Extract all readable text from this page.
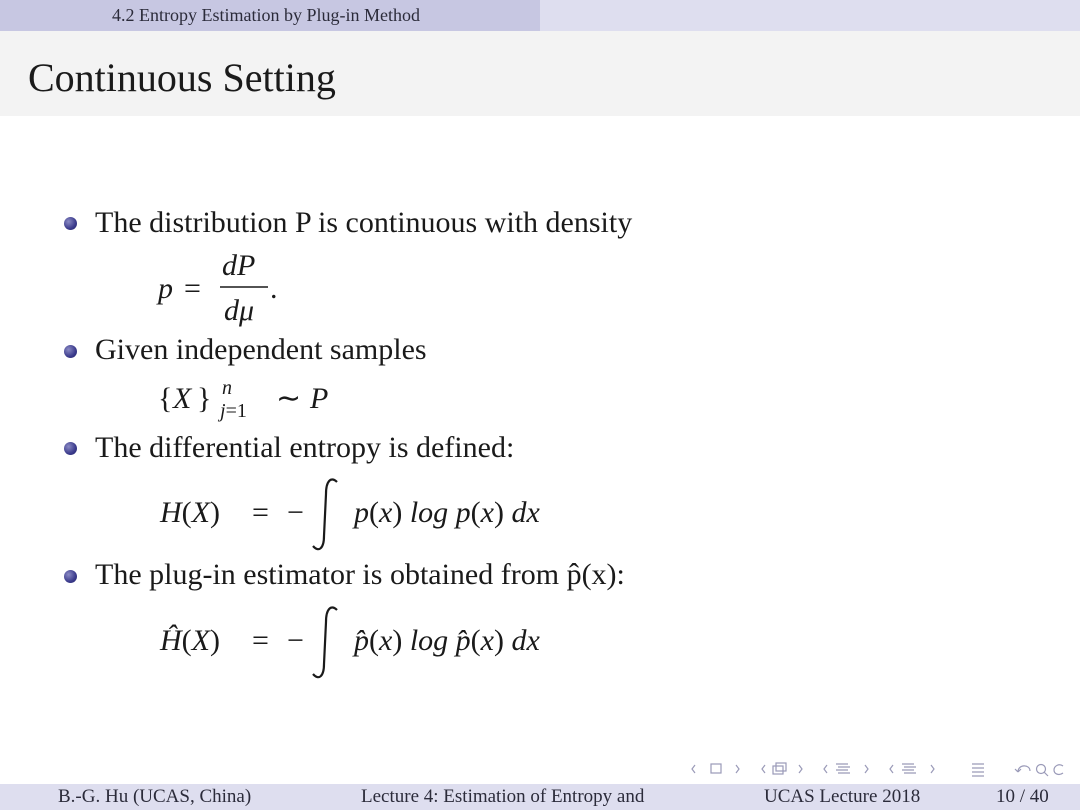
4.2 Entropy Estimation by Plug-in Method
Continuous Setting
The distribution P is continuous with density
p =
dP
dμ
.
Given independent samples
{ X } n
j=1 ∼ P
The differential entropy is defined:
H(X) = − p(x) log p(x) dx
The plug-in estimator is obtained from p̂(x):
Ĥ(X) = − p̂(x) log p̂(x) dx
B.-G. Hu (UCAS, China)	Lecture 4: Estimation of Entropy and	UCAS Lecture 2018	10 / 40
